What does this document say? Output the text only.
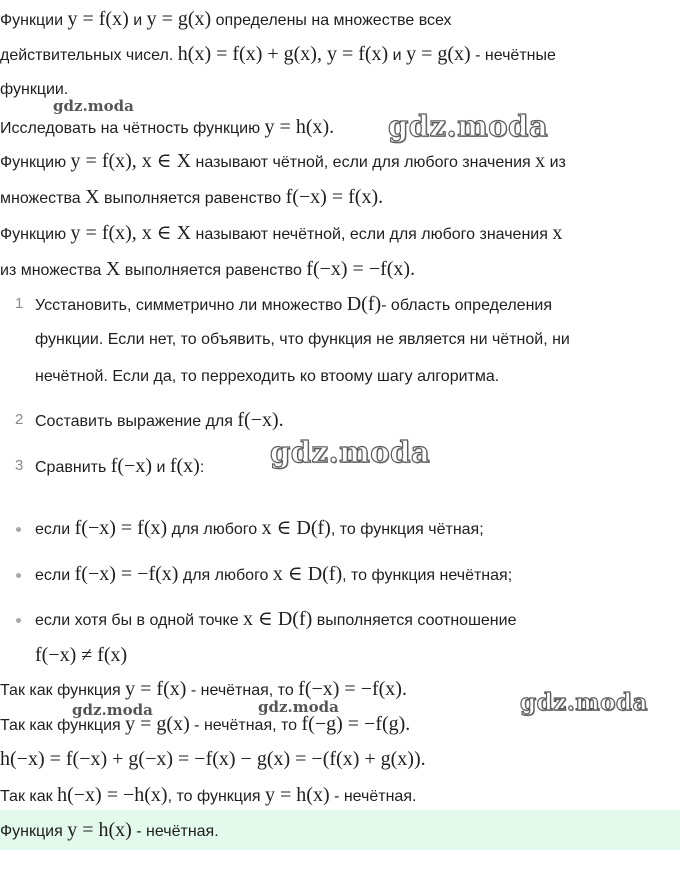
Функции y = f(x) и y = g(x) определены на множестве всех
действительных чисел. h(x) = f(x) + g(x), y = f(x) и y = g(x) - нечётные
функции.
Исследовать на чётность функцию y = h(x).
Функцию y = f(x), x ∈ X называют чётной, если для любого значения x из
множества X выполняется равенство f(−x) = f(x).
Функцию y = f(x), x ∈ X называют нечётной, если для любого значения x
из множества X выполняется равенство f(−x) = −f(x).
1 Усстановить, симметрично ли множество D(f)- область определения
функции. Если нет, то объявить, что функция не является ни чётной, ни
нечётной. Если да, то перреходить ко втоому шагу алгоритма.
2 Составить выражение для f(−x).
3 Сравнить f(−x) и f(x):
если f(−x) = f(x) для любого x ∈ D(f), то функция чётная;
если f(−x) = −f(x) для любого x ∈ D(f), то функция нечётная;
если хотя бы в одной точке x ∈ D(f) выполняется соотношение
f(−x) ≠ f(x)
Так как функция y = f(x) - нечётная, то f(−x) = −f(x).
Так как функция y = g(x) - нечётная, то f(−g) = −f(g).
h(−x) = f(−x) + g(−x) = −f(x) − g(x) = −(f(x) + g(x)).
Так как h(−x) = −h(x), то функция y = h(x) - нечётная.
Функция y = h(x) - нечётная.
gdz.moda
gdz.moda
gdz.moda
gdz.moda	gdz.moda	gdz.moda
